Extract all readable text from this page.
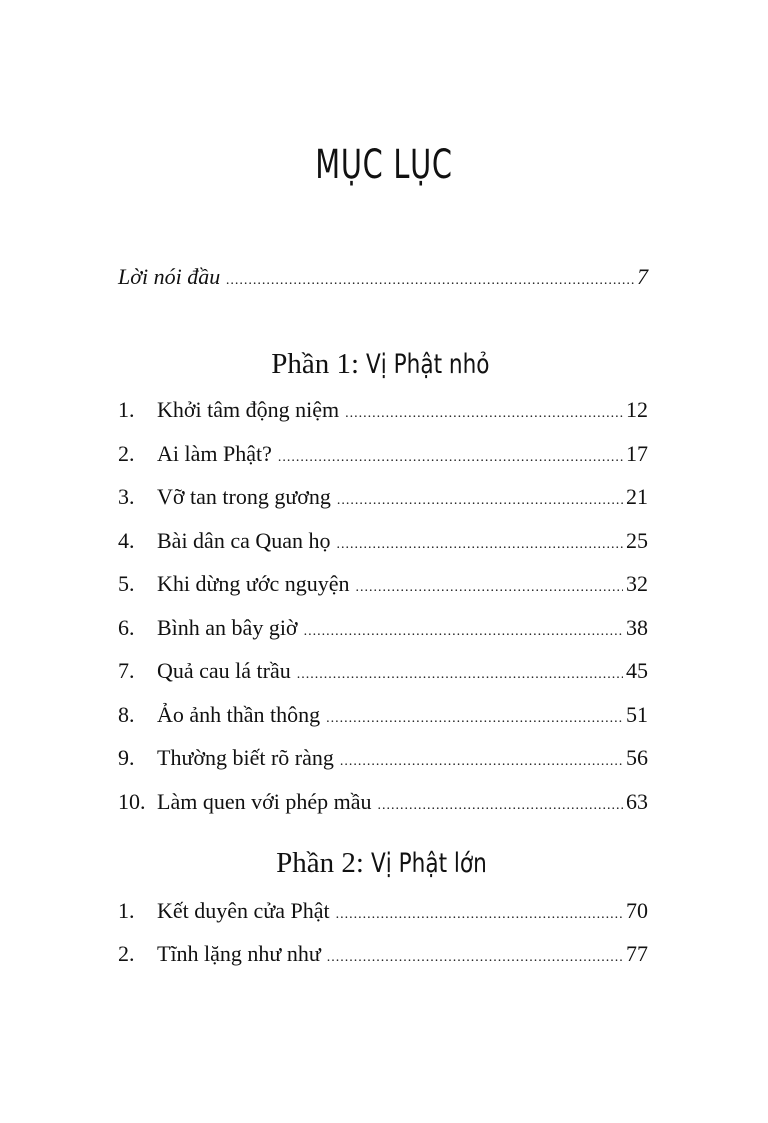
MỤC LỤC
Lời nói đầu .....	7
Phần 1: Vị Phật nhỏ
1.	Khởi tâm động niệm .....	12
2.	Ai làm Phật? .....	17
3.	Vỡ tan trong gương .....	21
4.	Bài dân ca Quan họ .....	25
5.	Khi dừng ước nguyện .....	32
6.	Bình an bây giờ .....	38
7.	Quả cau lá trầu .....	45
8.	Ảo ảnh thần thông .....	51
9.	Thường biết rõ ràng .....	56
10. Làm quen với phép mầu .....	63
Phần 2: Vị Phật lớn
1.	Kết duyên cửa Phật .....	70
2.	Tĩnh lặng như như .....	77
